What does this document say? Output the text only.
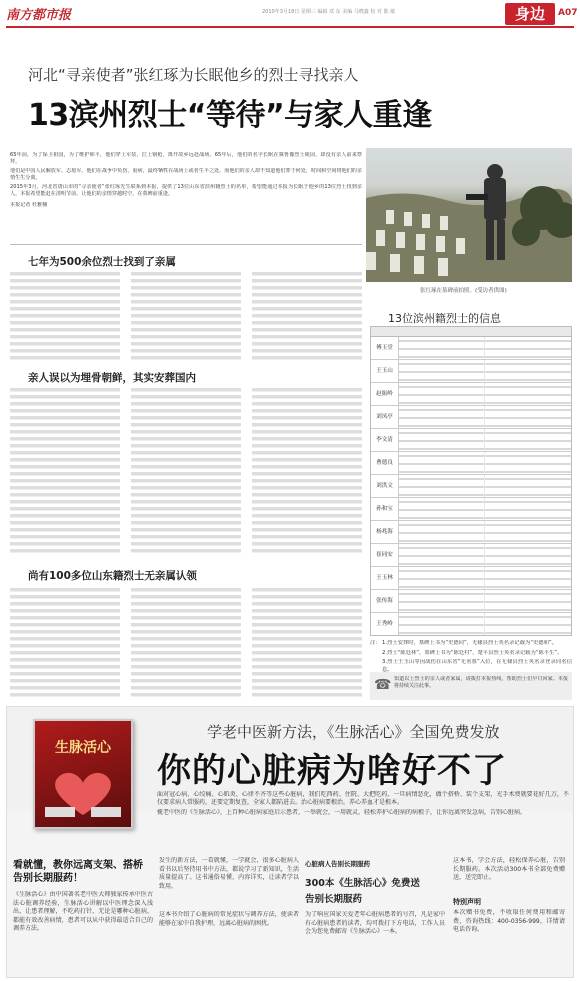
南方都市报	2010年3月18日 星期三 编辑 邓 东 美编 马晓鑫 校 对 陈 敏	身边	A07
河北“寻亲使者”张红琢为长眠他乡的烈士寻找亲人
13滨州烈士“等待”与家人重逢

65年前，为了保卫祖国，为了维护和平，他们穿上军装，扛上钢枪，离开故乡远赴战场。65年后，他们的名字长眠在冀鲁豫烈士陵园，却没有亲人前来祭拜。

他们是中国人民解放军、志愿军，他们在战争中负伤，重病，最终牺牲在战场上或者生平之处。而他们的亲人却不知道他们葬于何处，时间和空间将他们的亲情生生分离。

2015年3月，河北省唐山市的“寻亲使者”张红琢先生联系到本报，提供了13位山东省滨州籍烈士的名单，希望能通过本报为长眠于他乡的13位烈士找到亲人。本报希望能赶在清明节前，让他们的亲情穿越时空，在墓碑前重逢。

本报记者 杜雅楠

张红琢在墓碑前拍照。(受访者供图)
七年为500余位烈士找到了亲属
亲人误以为埋骨朝鲜，其实安葬国内
尚有100多位山东籍烈士无亲属认领
13位滨州籍烈士的信息
傅玉堂
王玉山
赵振岭
刘凤亭
李文清
曹德良
刘洪文
孙和宝
杨兆海
崔同安
王玉林
张传海
王秀岭
注： 1.烈士安葬时，墓碑上书为“史德同”，无棣县烈士英名录记载为“史德和”。

2.烈士“陈廷林”，墓碑上书为“陈廷村”，楚平县烈士英名录记载为“陈平生”。

3.烈士王玉山等因战伤在山东省“无名墓”入位，在无棣县烈士英名录登录同名信息。

☎ 知道以上烈士的亲人或者家属，请拨打本报热线，帮助烈士们早日回家。本报将持续关注此事。

生脉活心
学老中医新方法，《生脉活心》全国免费发放
你的心脏病为啥好不了

面对冠心病、心绞痛、心肌炎、心律不齐等这些心脏病，我们吃西药、住院、大把吃药，一旦病情恶化，做个搭桥、装个支架，光手术费就要花好几万，不仅要求病人常服药，还要定期复查，全家人都陷进去。治心脏病要根治，养心养血才是根本。

揽老中医的《生脉活心》，上百种心脏病家庭启示患者，一举就会，一用就灵，轻松养护心脏病的病根子，让你远离突发急病，告别心脏病。

看就懂，教你远离支架、搭桥
告别长期服药！

《生脉活心》由中国著名老中医大师独家传承中医古法心脏调养经验，生脉活心讲解以中医理念深入浅出，让患者理解，不吃药打针、无论是哪种心脏病，都能有效改善病情，患者可以从中获得最适合自己的调养方法。

发生的新方法，一看就懂，一学就会，很多心脏病人看书以后坚持用书中方法，都说学习了新知识，生活质量提高了。这书通俗易懂，内容详实，让读者学以致用。

这本书介绍了心脏病的常见症状与调养方法，使读者能够在家中自我护理，远离心脏病的困扰。

心脏病人告别长期服药
300本《生脉活心》免费送
告别长期服药

为了响应国家关爱老年心脏病患者的号召，凡是家中有心脏病患者的读者，均可拨打下方电话，工作人员会为您免费邮寄《生脉活心》一本。

这本书，学会方法，轻松保养心脏，告别长期服药。本次活动300本书全部免费赠送，送完即止。

特别声明

本次赠书免费，不收取任何费用和邮寄费，咨询热线：400-0356-999，详情请电话咨询。
